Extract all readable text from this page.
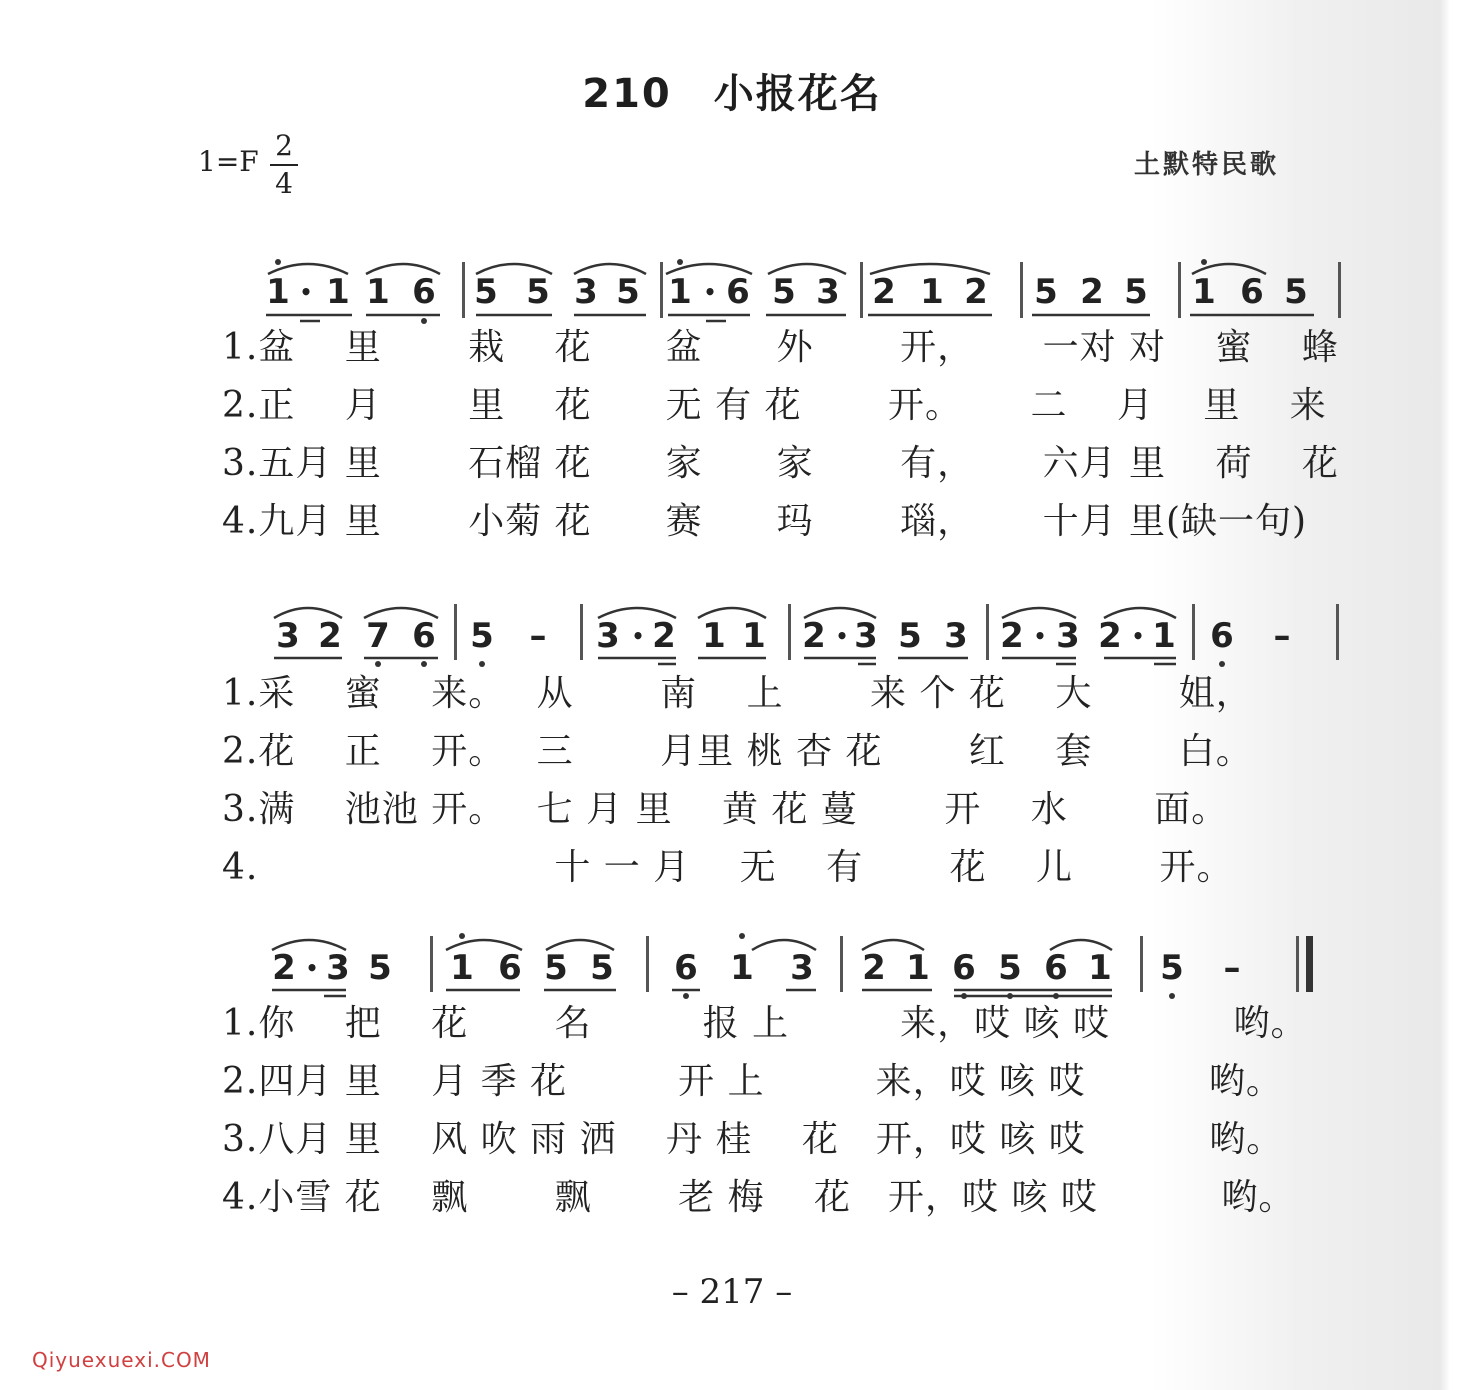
210　小报花名
1=F 2
4
土默特民歌
1 • 1 1 6 5 5 3 5 1 • 6 5 3 2 1 2 5 2 5 1 6 5
3 2 7 6 5 – 3 • 2 1 1 2 • 3 5 3 2 • 3 2 • 1 6 –
2 • 3 5 1 6 5 5 6 1 3 2 1 6 5 6 1 5 –
1.盆　 里　　 栽　 花　　盆　　外　　 开，　　 一对 对　 蜜　 蜂
2.正　 月　　 里　 花　　无 有 花　　 开。　　 二　 月　 里　 来
3.五月 里　　 石榴 花　　家　　家　　 有，　　 六月 里　 荷　 花
4.九月 里　　 小菊 花　　赛　　玛　　 瑙，　　 十月 里(缺一句)
1.采　 蜜　 来。　 从　　 南　 上　　 来 个 花　 大　　 姐，
2.花　 正　 开。　 三　　 月里 桃 杏 花　　 红　 套　　 白。
3.满　 池池 开。　 七 月 里　 黄 花 蔓　　 开　 水　　 面。
4.　　　　　　　　十 一 月　 无　 有　　 花　 儿　　 开。
1.你　 把　 花　　 名　　　报 上　　　来，哎 咳 哎　　　 哟。
2.四月 里　 月 季 花　　　开 上　　　来，哎 咳 哎　　　 哟。
3.八月 里　 风 吹 雨 洒　 丹 桂　 花　开，哎 咳 哎　　　 哟。
4.小雪 花　 飘　　 飘　　 老 梅　 花　开，哎 咳 哎　　　 哟。
– 217 –
Qiyuexuexi.COM
